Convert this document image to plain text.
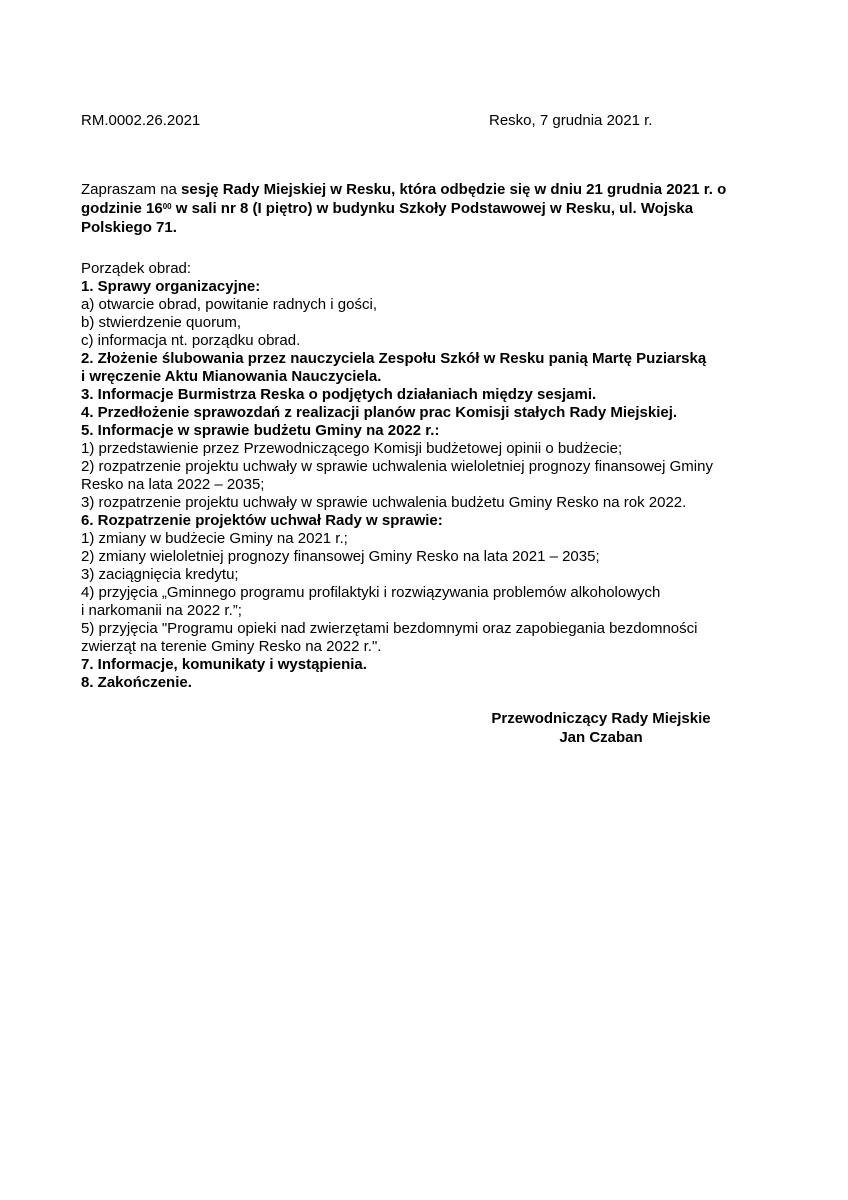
RM.0002.26.2021	Resko, 7 grudnia 2021 r.
Zapraszam na sesję Rady Miejskiej w Resku, która odbędzie się w dniu 21 grudnia 2021 r. o godzinie $16^{00}$ w sali nr 8 (I piętro) w budynku Szkoły Podstawowej w Resku, ul. Wojska Polskiego 71.
Porządek obrad:
1. Sprawy organizacyjne:
a) otwarcie obrad, powitanie radnych i gości,
b) stwierdzenie quorum,
c) informacja nt. porządku obrad.
2. Złożenie ślubowania przez nauczyciela Zespołu Szkół w Resku panią Martę Puziarską
i wręczenie Aktu Mianowania Nauczyciela.
3. Informacje Burmistrza Reska o podjętych działaniach między sesjami.
4. Przedłożenie sprawozdań z realizacji planów prac Komisji stałych Rady Miejskiej.
5. Informacje w sprawie budżetu Gminy na 2022 r.:
1) przedstawienie przez Przewodniczącego Komisji budżetowej opinii o budżecie;
2) rozpatrzenie projektu uchwały w sprawie uchwalenia wieloletniej prognozy finansowej Gminy
Resko na lata 2022 – 2035;
3) rozpatrzenie projektu uchwały w sprawie uchwalenia budżetu Gminy Resko na rok 2022.
6. Rozpatrzenie projektów uchwał Rady w sprawie:
1) zmiany w budżecie Gminy na 2021 r.;
2) zmiany wieloletniej prognozy finansowej Gminy Resko na lata 2021 – 2035;
3) zaciągnięcia kredytu;
4) przyjęcia „Gminnego programu profilaktyki i rozwiązywania problemów alkoholowych
i narkomanii na 2022 r.”;
5) przyjęcia "Programu opieki nad zwierzętami bezdomnymi oraz zapobiegania bezdomności
zwierząt na terenie Gminy Resko na 2022 r.".
7. Informacje, komunikaty i wystąpienia.
8. Zakończenie.
Przewodniczący Rady Miejskie
Jan Czaban
